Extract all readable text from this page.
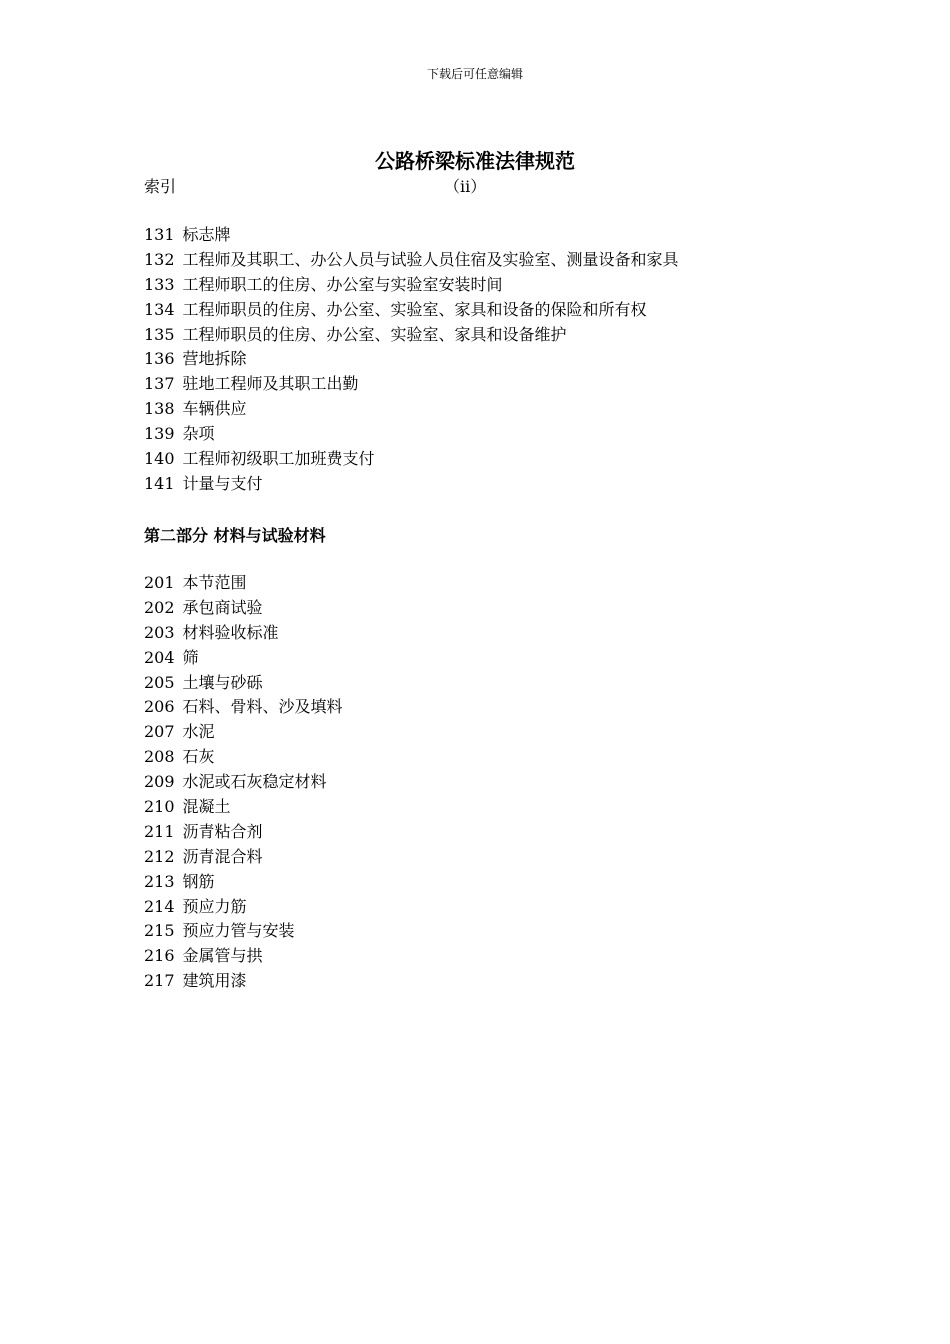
下载后可任意编辑
公路桥梁标准法律规范
索引	（ii）
131 标志牌
132 工程师及其职工、办公人员与试验人员住宿及实验室、测量设备和家具
133 工程师职工的住房、办公室与实验室安装时间
134 工程师职员的住房、办公室、实验室、家具和设备的保险和所有权
135 工程师职员的住房、办公室、实验室、家具和设备维护
136 营地拆除
137 驻地工程师及其职工出勤
138 车辆供应
139 杂项
140 工程师初级职工加班费支付
141 计量与支付
第二部分 材料与试验材料
201 本节范围
202 承包商试验
203 材料验收标准
204 筛
205 土壤与砂砾
206 石料、骨料、沙及填料
207 水泥
208 石灰
209 水泥或石灰稳定材料
210 混凝土
211 沥青粘合剂
212 沥青混合料
213 钢筋
214 预应力筋
215 预应力管与安装
216 金属管与拱
217 建筑用漆
